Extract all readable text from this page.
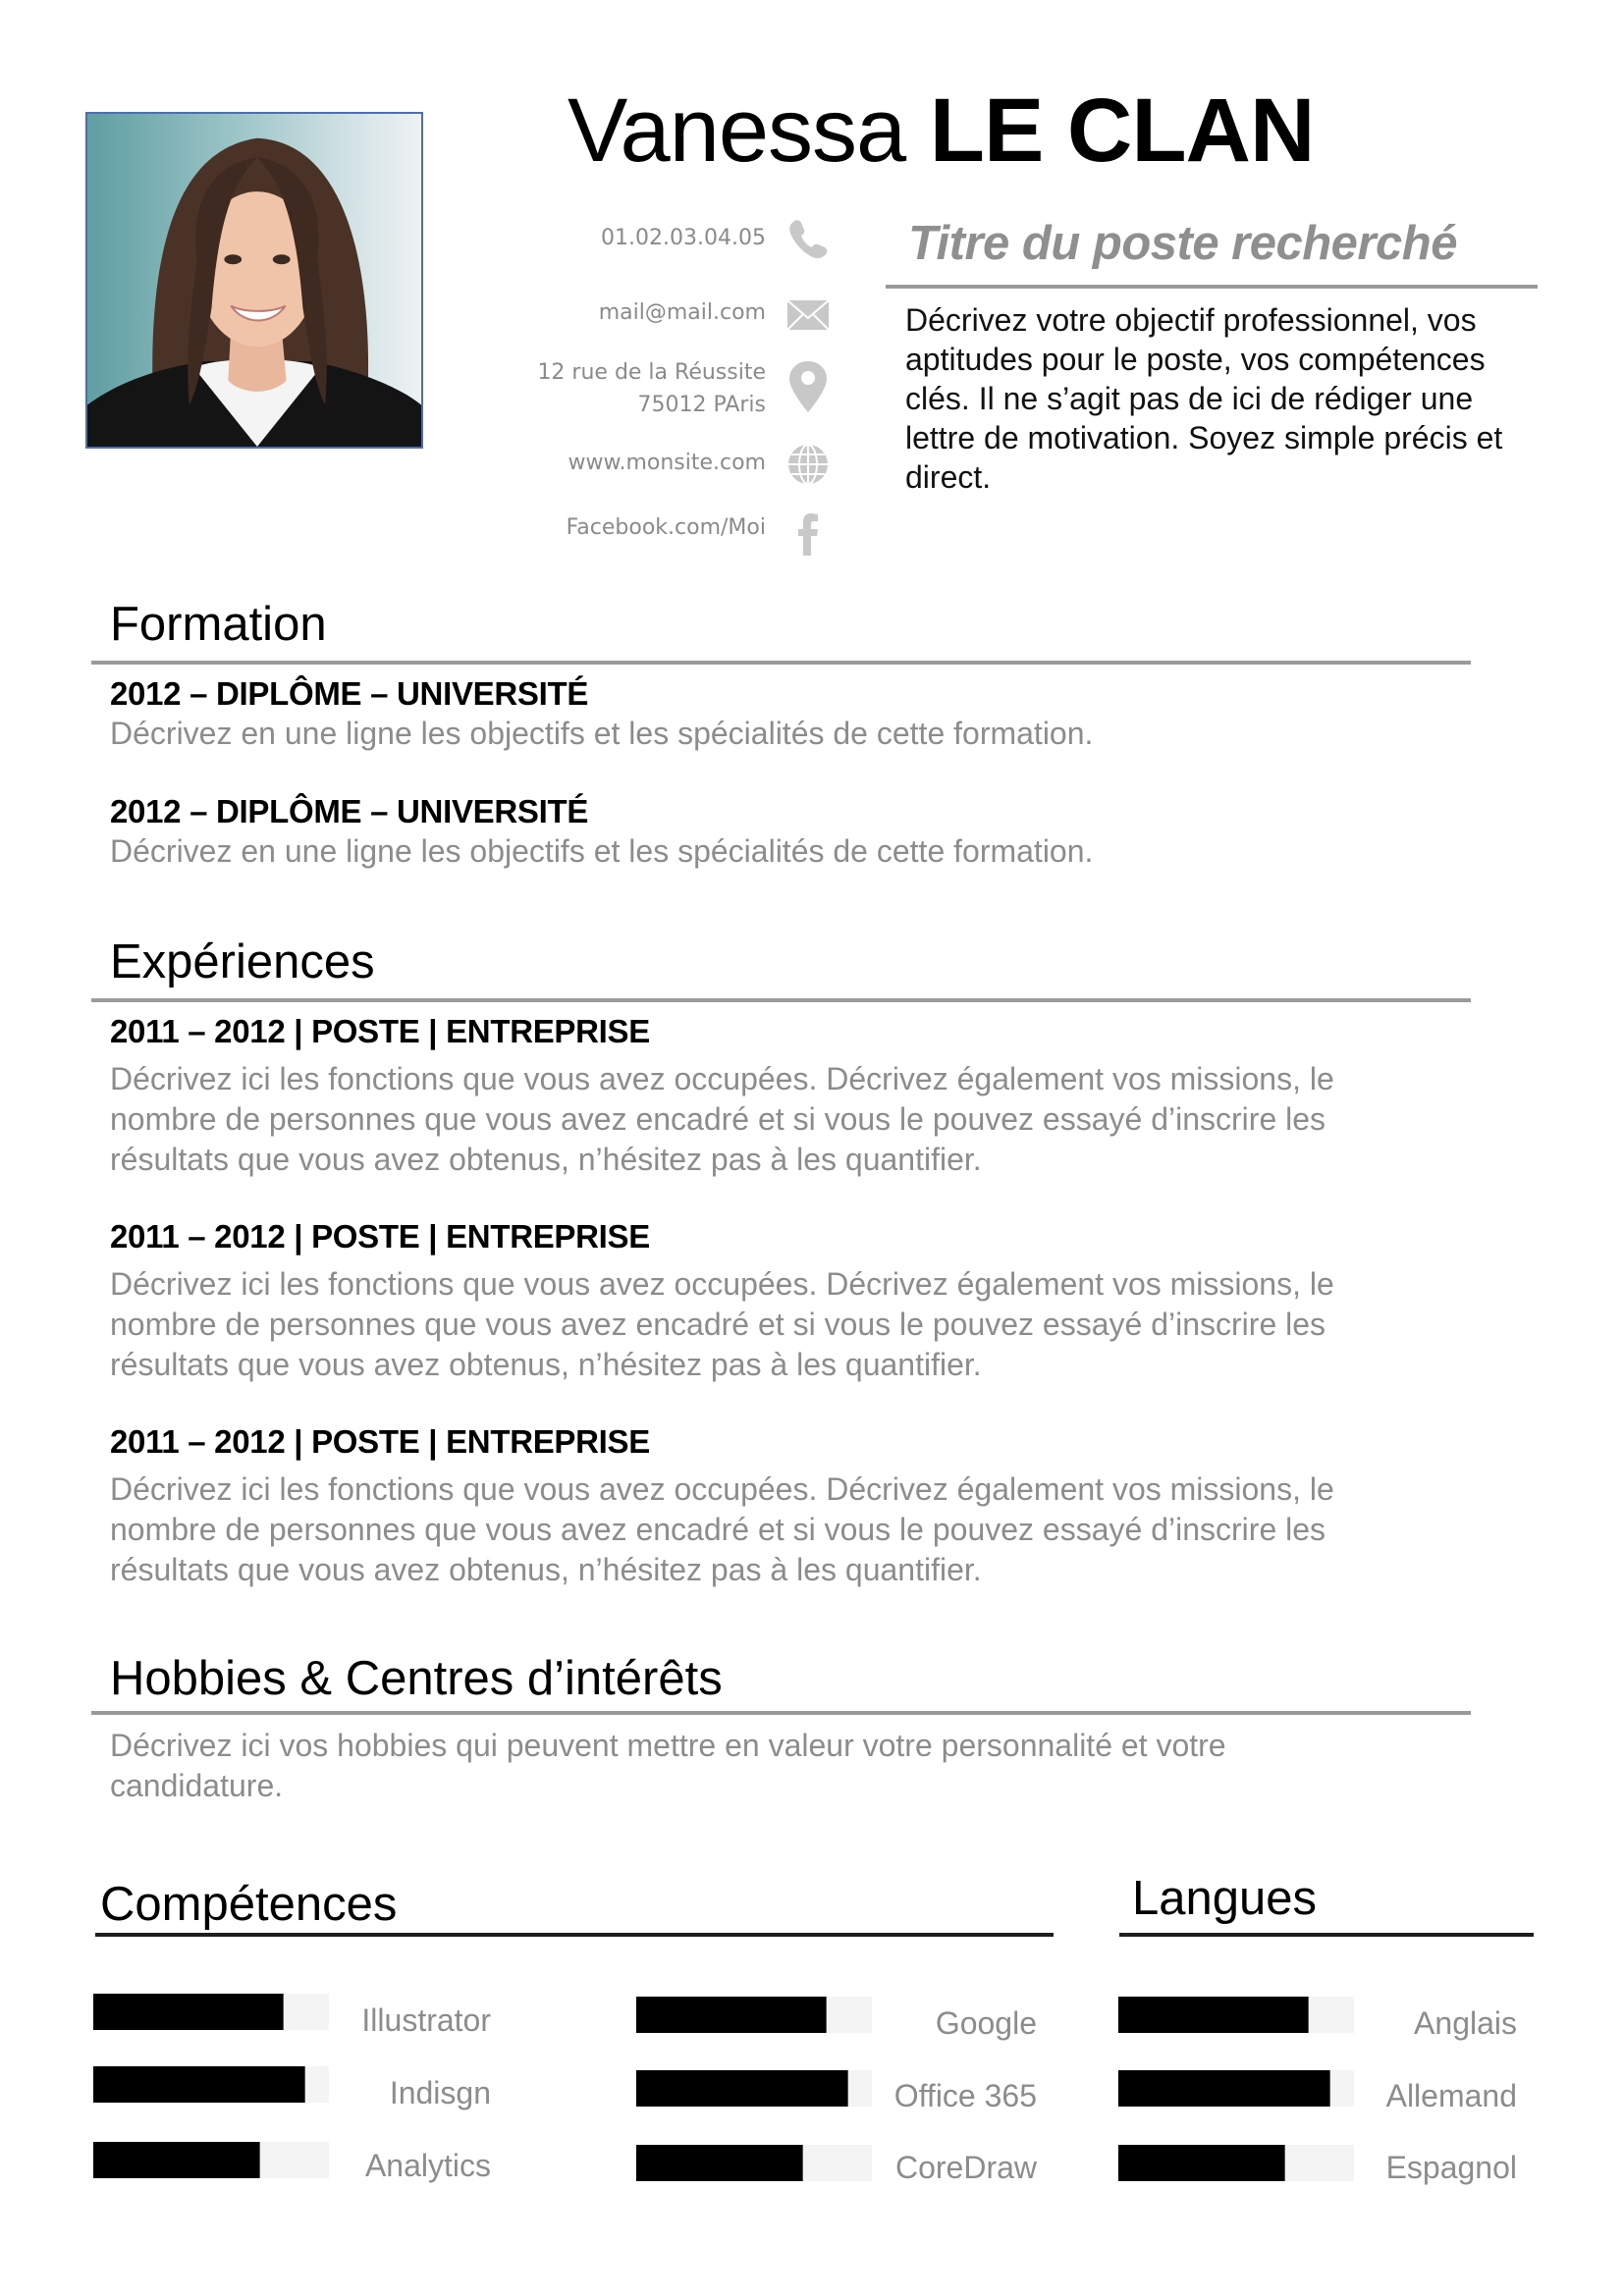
Vanessa LE CLAN
01.02.03.04.05
mail@mail.com
12 rue de la Réussite
75012 PAris
www.monsite.com
Facebook.com/Moi
Titre du poste recherché
Décrivez votre objectif professionnel, vos aptitudes pour le poste, vos compétences clés. Il ne s’agit pas de ici de rédiger une lettre de motivation. Soyez simple précis et direct.
Formation
2012 – DIPLÔME – UNIVERSITÉ
Décrivez en une ligne les objectifs et les spécialités de cette formation.
2012 – DIPLÔME – UNIVERSITÉ
Décrivez en une ligne les objectifs et les spécialités de cette formation.
Expériences
2011 – 2012 | POSTE | ENTREPRISE
Décrivez ici les fonctions que vous avez occupées. Décrivez également vos missions, le nombre de personnes que vous avez encadré et si vous le pouvez essayé d’inscrire les résultats que vous avez obtenus, n’hésitez pas à les quantifier.
2011 – 2012 | POSTE | ENTREPRISE
Décrivez ici les fonctions que vous avez occupées. Décrivez également vos missions, le nombre de personnes que vous avez encadré et si vous le pouvez essayé d’inscrire les résultats que vous avez obtenus, n’hésitez pas à les quantifier.
2011 – 2012 | POSTE | ENTREPRISE
Décrivez ici les fonctions que vous avez occupées. Décrivez également vos missions, le nombre de personnes que vous avez encadré et si vous le pouvez essayé d’inscrire les résultats que vous avez obtenus, n’hésitez pas à les quantifier.
Hobbies & Centres d’intérêts
Décrivez ici vos hobbies qui peuvent mettre en valeur votre personnalité et votre candidature.
Compétences
Illustrator
Indisgn
Analytics
Google
Office 365
CoreDraw
Langues
Anglais
Allemand
Espagnol
